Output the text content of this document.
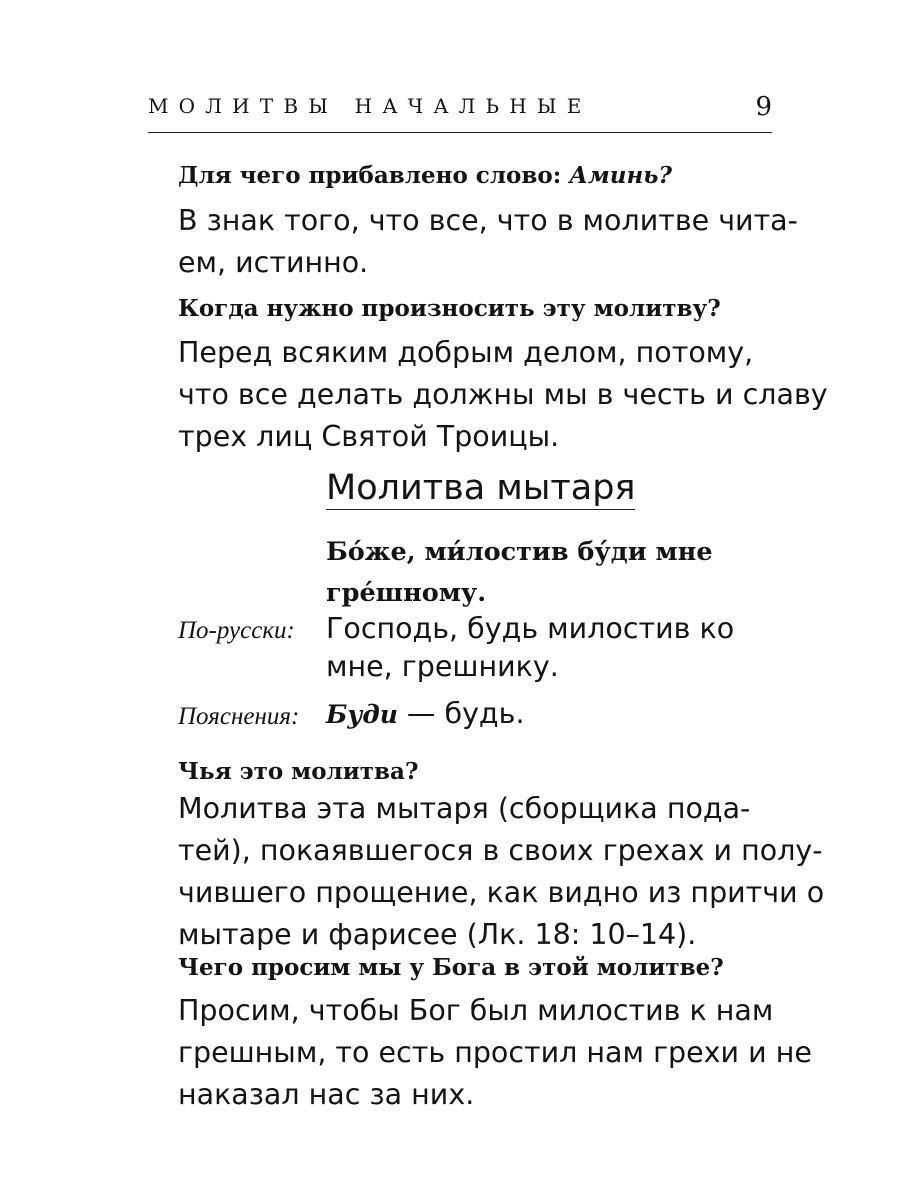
МОЛИТВЫ НАЧАЛЬНЫЕ	9
Для чего прибавлено слово: Аминь?
В знак того, что все, что в молитве чита-
ем, истинно.
Когда нужно произносить эту молитву?
Перед всяким добрым делом, потому,
что все делать должны мы в честь и славу
трех лиц Святой Троицы.
Молитва мытаря
Бо́же, ми́лостив бу́ди мне
гре́шному.
По-русски: Господь, будь милостив ко
мне, грешнику.
Пояснения: Буди — будь.
Чья это молитва?
Молитва эта мытаря (сборщика пода-
тей), покаявшегося в своих грехах и полу-
чившего прощение, как видно из притчи о
мытаре и фарисее (Лк. 18: 10–14).
Чего просим мы у Бога в этой молитве?
Просим, чтобы Бог был милостив к нам
грешным, то есть простил нам грехи и не
наказал нас за них.
